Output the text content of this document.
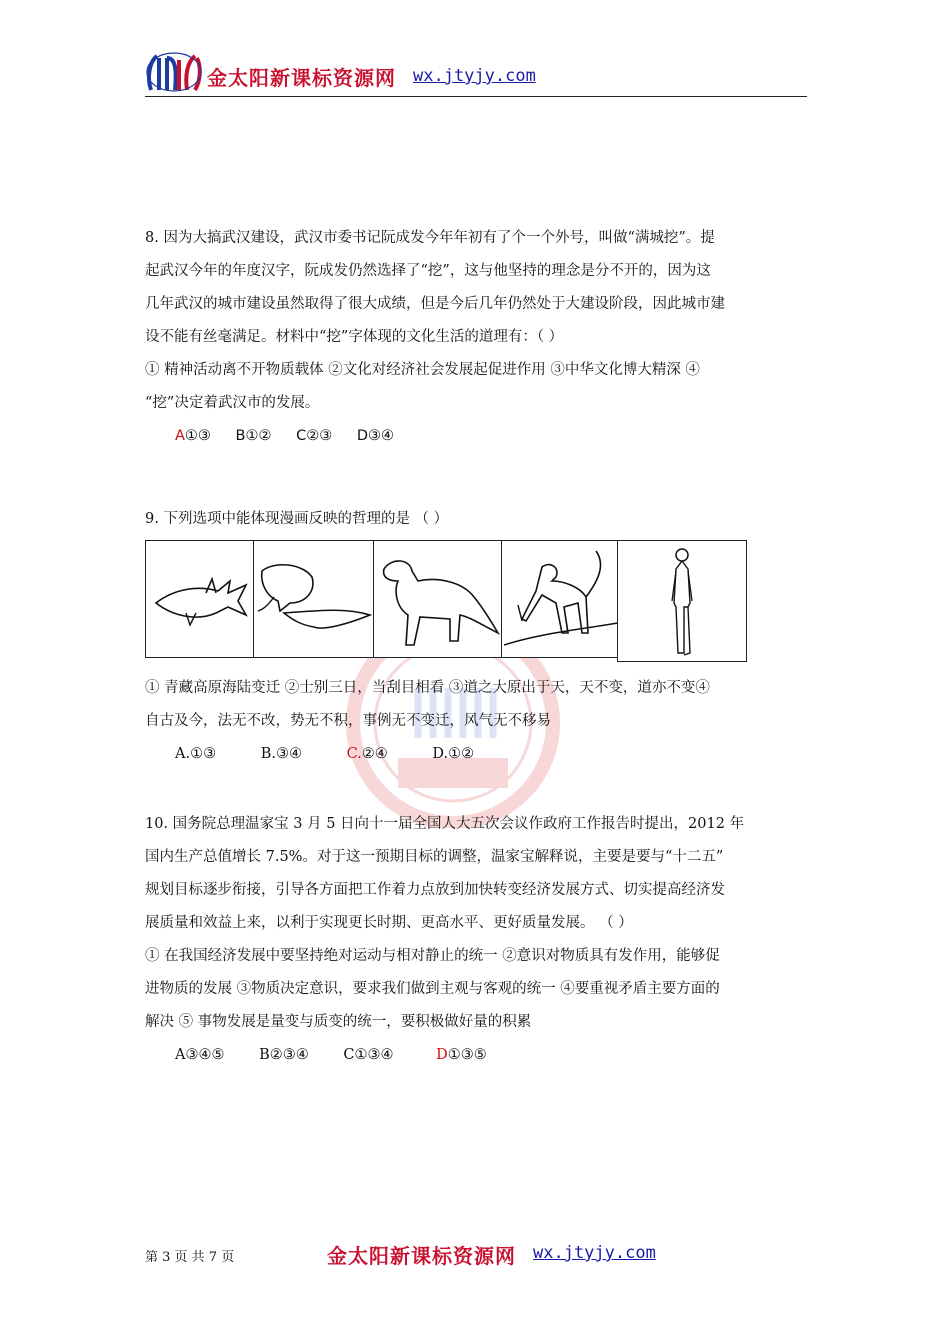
金太阳新课标资源网 wx.jtyjy.com

8. 因为大搞武汉建设，武汉市委书记阮成发今年年初有了个一个外号，叫做“满城挖”。提

起武汉今年的年度汉字，阮成发仍然选择了“挖”，这与他坚持的理念是分不开的，因为这

几年武汉的城市建设虽然取得了很大成绩，但是今后几年仍然处于大建设阶段，因此城市建

设不能有丝毫满足。材料中“挖”字体现的文化生活的道理有：（ ）

① 精神活动离不开物质载体 ②文化对经济社会发展起促进作用 ③中华文化博大精深 ④

“挖”决定着武汉市的发展。

A①③ B①② C②③ D③④

9. 下列选项中能体现漫画反映的哲理的是 （ ）

① 青藏高原海陆变迁 ②士别三日，当刮目相看 ③道之大原出于天，天不变，道亦不变④

自古及今，法无不改，势无不积，事例无不变迁，风气无不移易

A.①③	B.③④	C.②④	D.①②

10. 国务院总理温家宝 3 月 5 日向十一届全国人大五次会议作政府工作报告时提出，2012 年

国内生产总值增长 7.5%。对于这一预期目标的调整，温家宝解释说，主要是要与“十二五”

规划目标逐步衔接，引导各方面把工作着力点放到加快转变经济发展方式、切实提高经济发

展质量和效益上来，以利于实现更长时期、更高水平、更好质量发展。 （ ）

① 在我国经济发展中要坚持绝对运动与相对静止的统一 ②意识对物质具有发作用，能够促

进物质的发展 ③物质决定意识，要求我们做到主观与客观的统一 ④要重视矛盾主要方面的

解决 ⑤ 事物发展是量变与质变的统一，要积极做好量的积累

A③④⑤ B②③④ C①③④	D①③⑤
第 3 页 共 7 页	金太阳新课标资源网 wx.jtyjy.com
